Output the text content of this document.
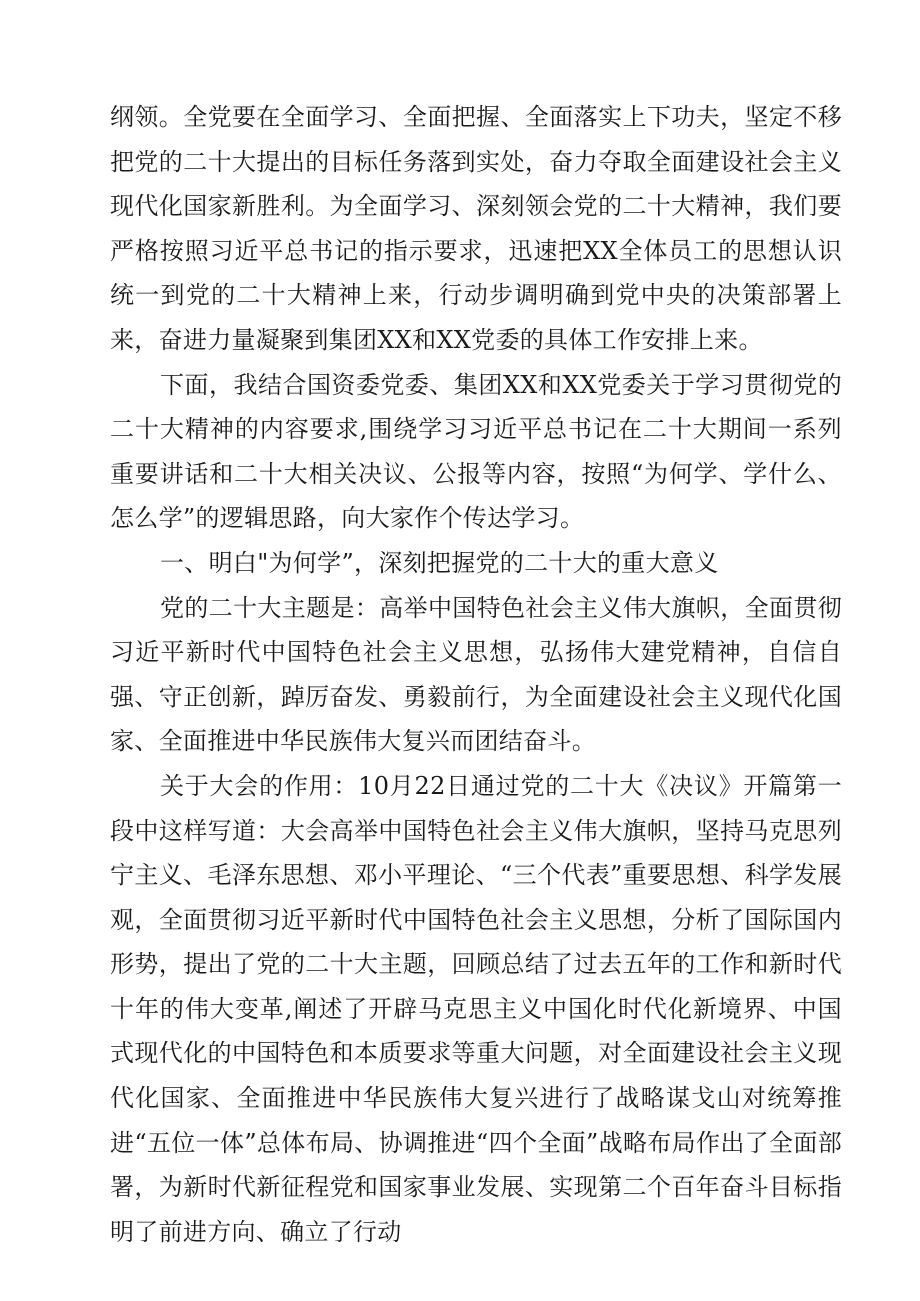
纲领。全党要在全面学习、全面把握、全面落实上下功夫，坚定不移把党的二十大提出的目标任务落到实处，奋力夺取全面建设社会主义现代化国家新胜利。为全面学习、深刻领会党的二十大精神，我们要严格按照习近平总书记的指示要求，迅速把XX全体员工的思想认识统一到党的二十大精神上来，行动步调明确到党中央的决策部署上来，奋进力量凝聚到集团XX和XX党委的具体工作安排上来。

下面，我结合国资委党委、集团XX和XX党委关于学习贯彻党的二十大精神的内容要求,围绕学习习近平总书记在二十大期间一系列重要讲话和二十大相关决议、公报等内容，按照“为何学、学什么、怎么学”的逻辑思路，向大家作个传达学习。

一、明白"为何学”，深刻把握党的二十大的重大意义

党的二十大主题是：高举中国特色社会主义伟大旗帜，全面贯彻习近平新时代中国特色社会主义思想，弘扬伟大建党精神，自信自强、守正创新，踔厉奋发、勇毅前行，为全面建设社会主义现代化国家、全面推进中华民族伟大复兴而团结奋斗。

关于大会的作用：10月22日通过党的二十大《决议》开篇第一段中这样写道：大会高举中国特色社会主义伟大旗帜，坚持马克思列宁主义、毛泽东思想、邓小平理论、“三个代表”重要思想、科学发展观，全面贯彻习近平新时代中国特色社会主义思想，分析了国际国内形势，提出了党的二十大主题，回顾总结了过去五年的工作和新时代十年的伟大变革,阐述了开辟马克思主义中国化时代化新境界、中国式现代化的中国特色和本质要求等重大问题，对全面建设社会主义现代化国家、全面推进中华民族伟大复兴进行了战略谋戈山对统筹推进“五位一体”总体布局、协调推进“四个全面”战略布局作出了全面部署，为新时代新征程党和国家事业发展、实现第二个百年奋斗目标指明了前进方向、确立了行动
